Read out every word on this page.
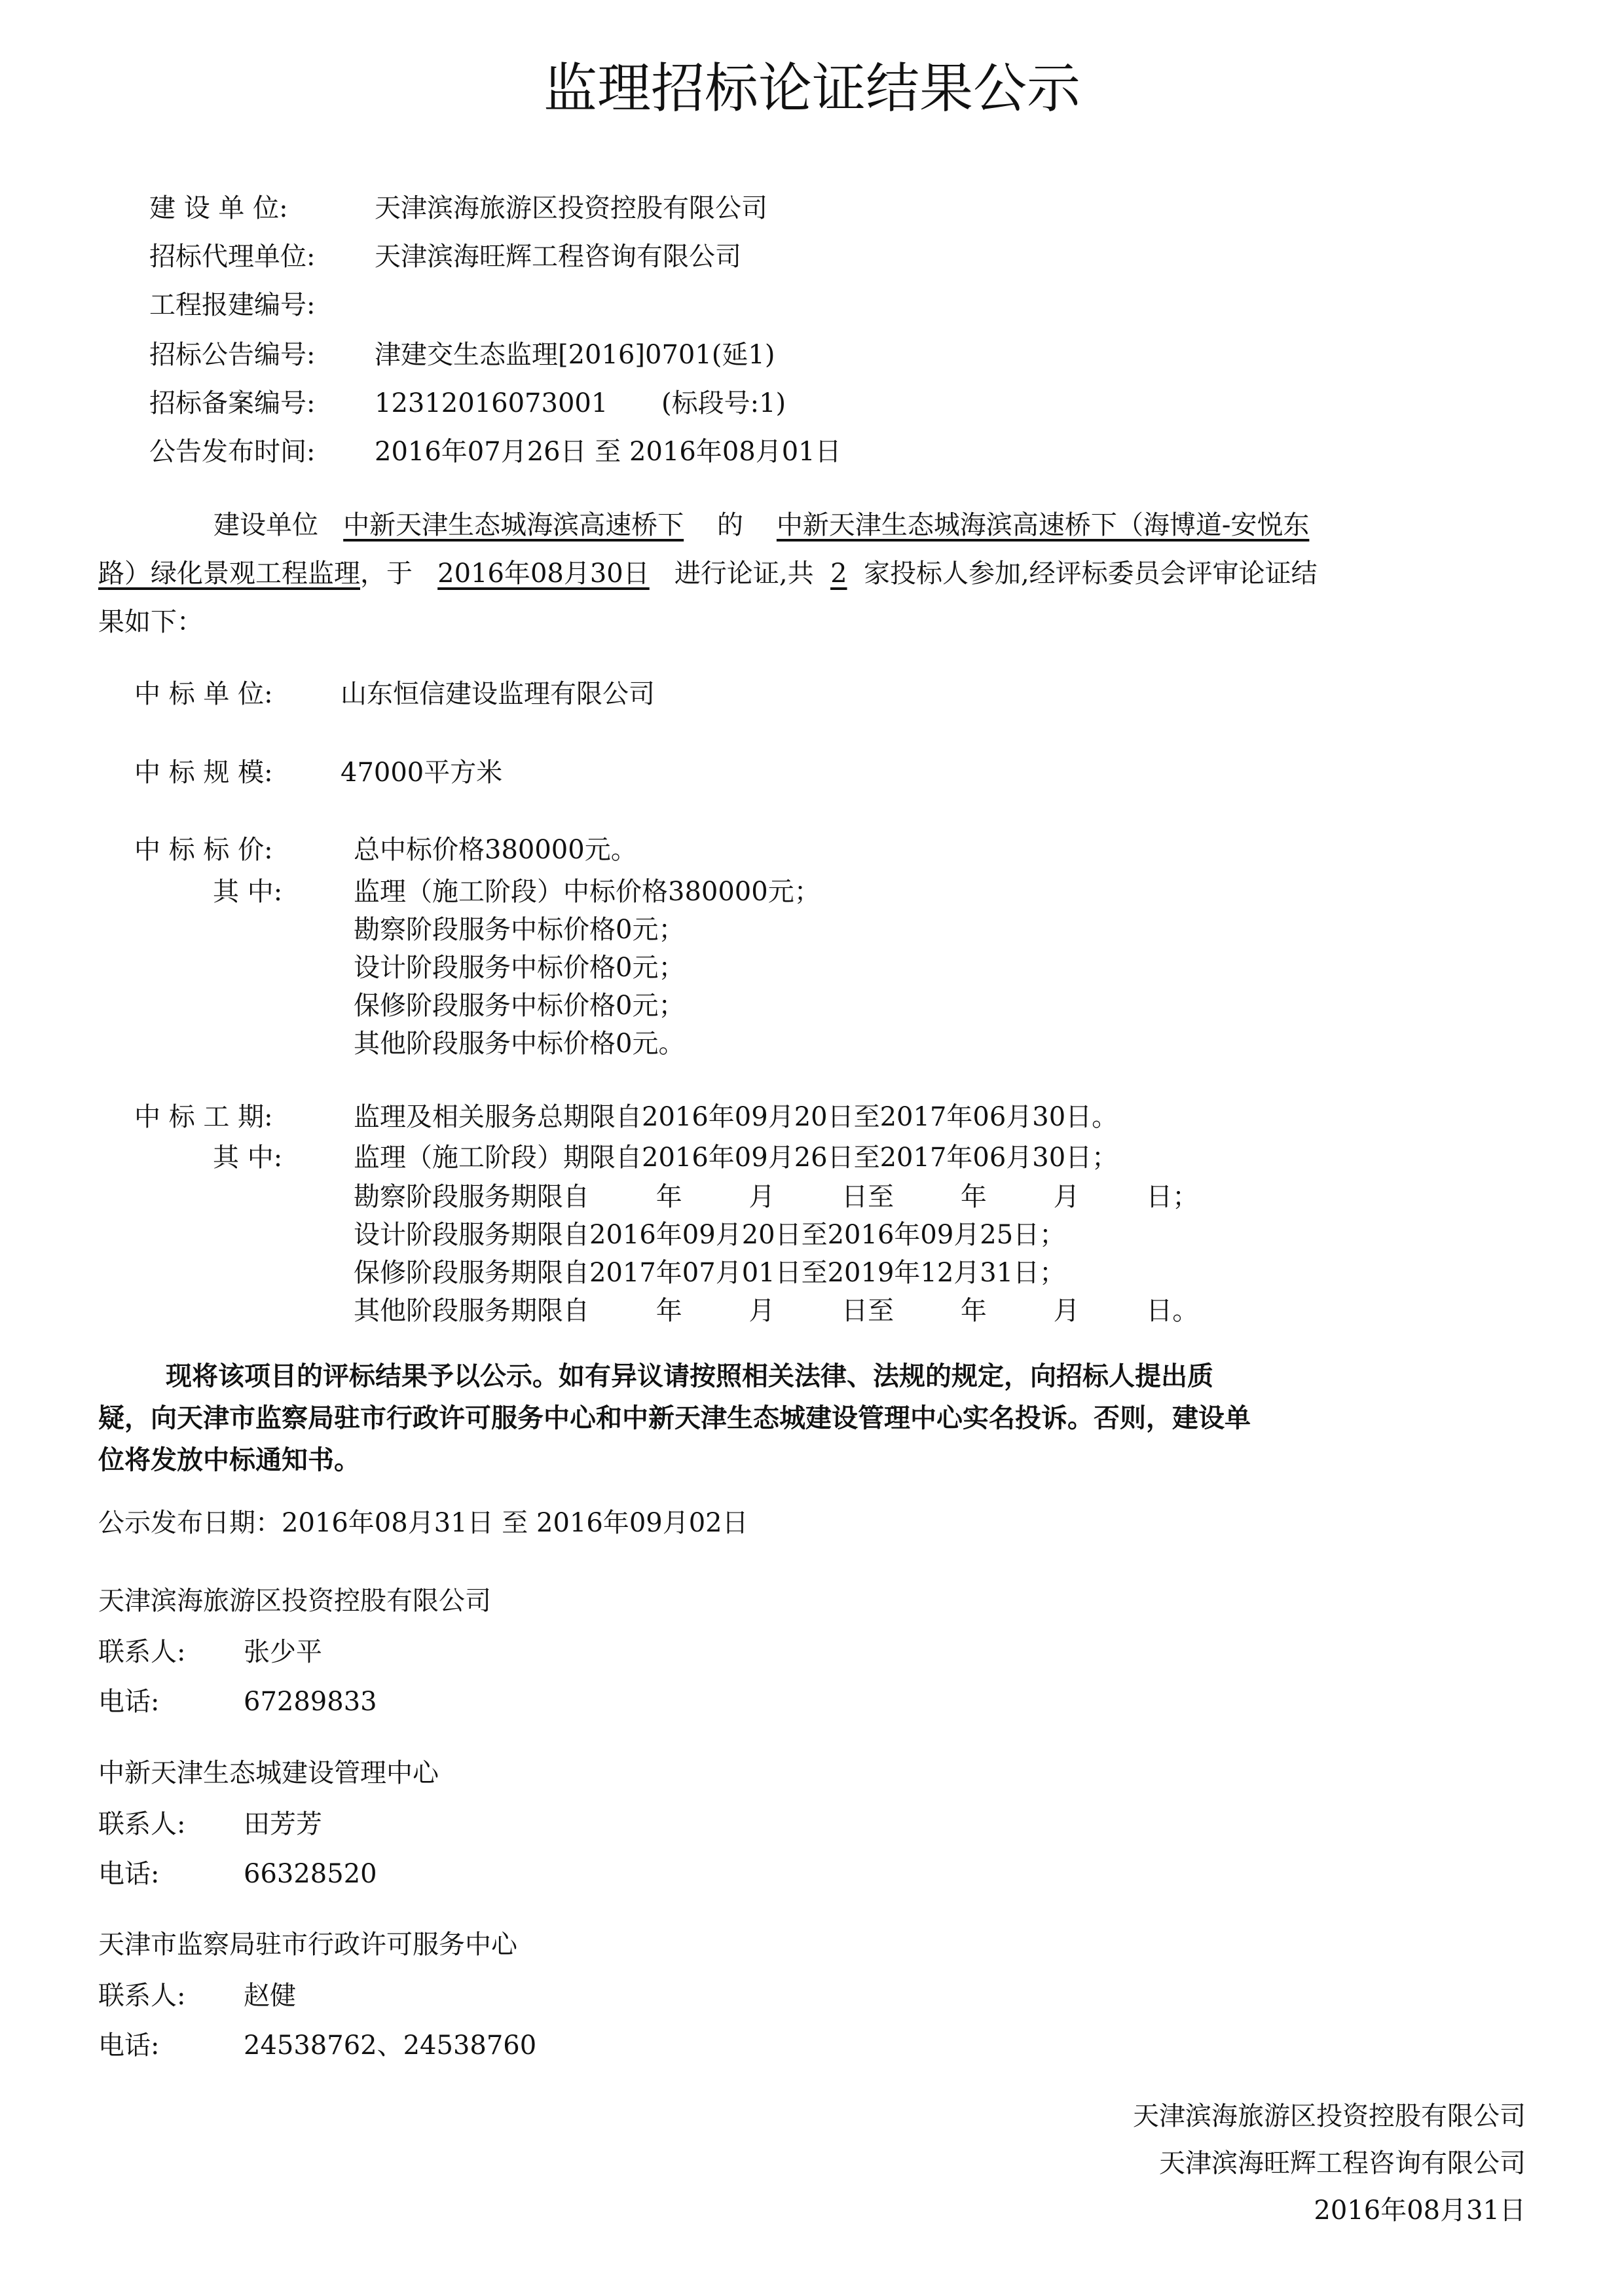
监理招标论证结果公示
建 设 单 位:	天津滨海旅游区投资控股有限公司
招标代理单位: 天津滨海旺辉工程咨询有限公司
工程报建编号:
招标公告编号: 津建交生态监理[2016]0701(延1)
招标备案编号: 12312016073001 (标段号:1)
公告发布时间: 2016年07月26日 至 2016年08月01日
建设单位 中新天津生态城海滨高速桥下 的 中新天津生态城海滨高速桥下（海博道-安悦东
路）绿化景观工程监理，于 2016年08月30日 进行论证,共 2 家投标人参加,经评标委员会评审论证结
果如下：
中 标 单 位:	山东恒信建设监理有限公司
中 标 规 模:	47000平方米
中 标 标 价:	总中标价格380000元。
其 中:	监理（施工阶段）中标价格380000元；
勘察阶段服务中标价格0元；
设计阶段服务中标价格0元；
保修阶段服务中标价格0元；
其他阶段服务中标价格0元。
中 标 工 期:	监理及相关服务总期限自2016年09月20日至2017年06月30日。
其 中:	监理（施工阶段）期限自2016年09月26日至2017年06月30日；
勘察阶段服务期限自        年        月        日至        年        月        日；
设计阶段服务期限自2016年09月20日至2016年09月25日；
保修阶段服务期限自2017年07月01日至2019年12月31日；
其他阶段服务期限自        年        月        日至        年        月        日。
现将该项目的评标结果予以公示。如有异议请按照相关法律、法规的规定，向招标人提出质
疑，向天津市监察局驻市行政许可服务中心和中新天津生态城建设管理中心实名投诉。否则，建设单
位将发放中标通知书。
公示发布日期：2016年08月31日 至 2016年09月02日
天津滨海旅游区投资控股有限公司
联系人: 张少平
电话:	67289833
中新天津生态城建设管理中心
联系人: 田芳芳
电话:	66328520
天津市监察局驻市行政许可服务中心
联系人: 赵健
电话:	24538762、24538760
天津滨海旅游区投资控股有限公司
天津滨海旺辉工程咨询有限公司
2016年08月31日
